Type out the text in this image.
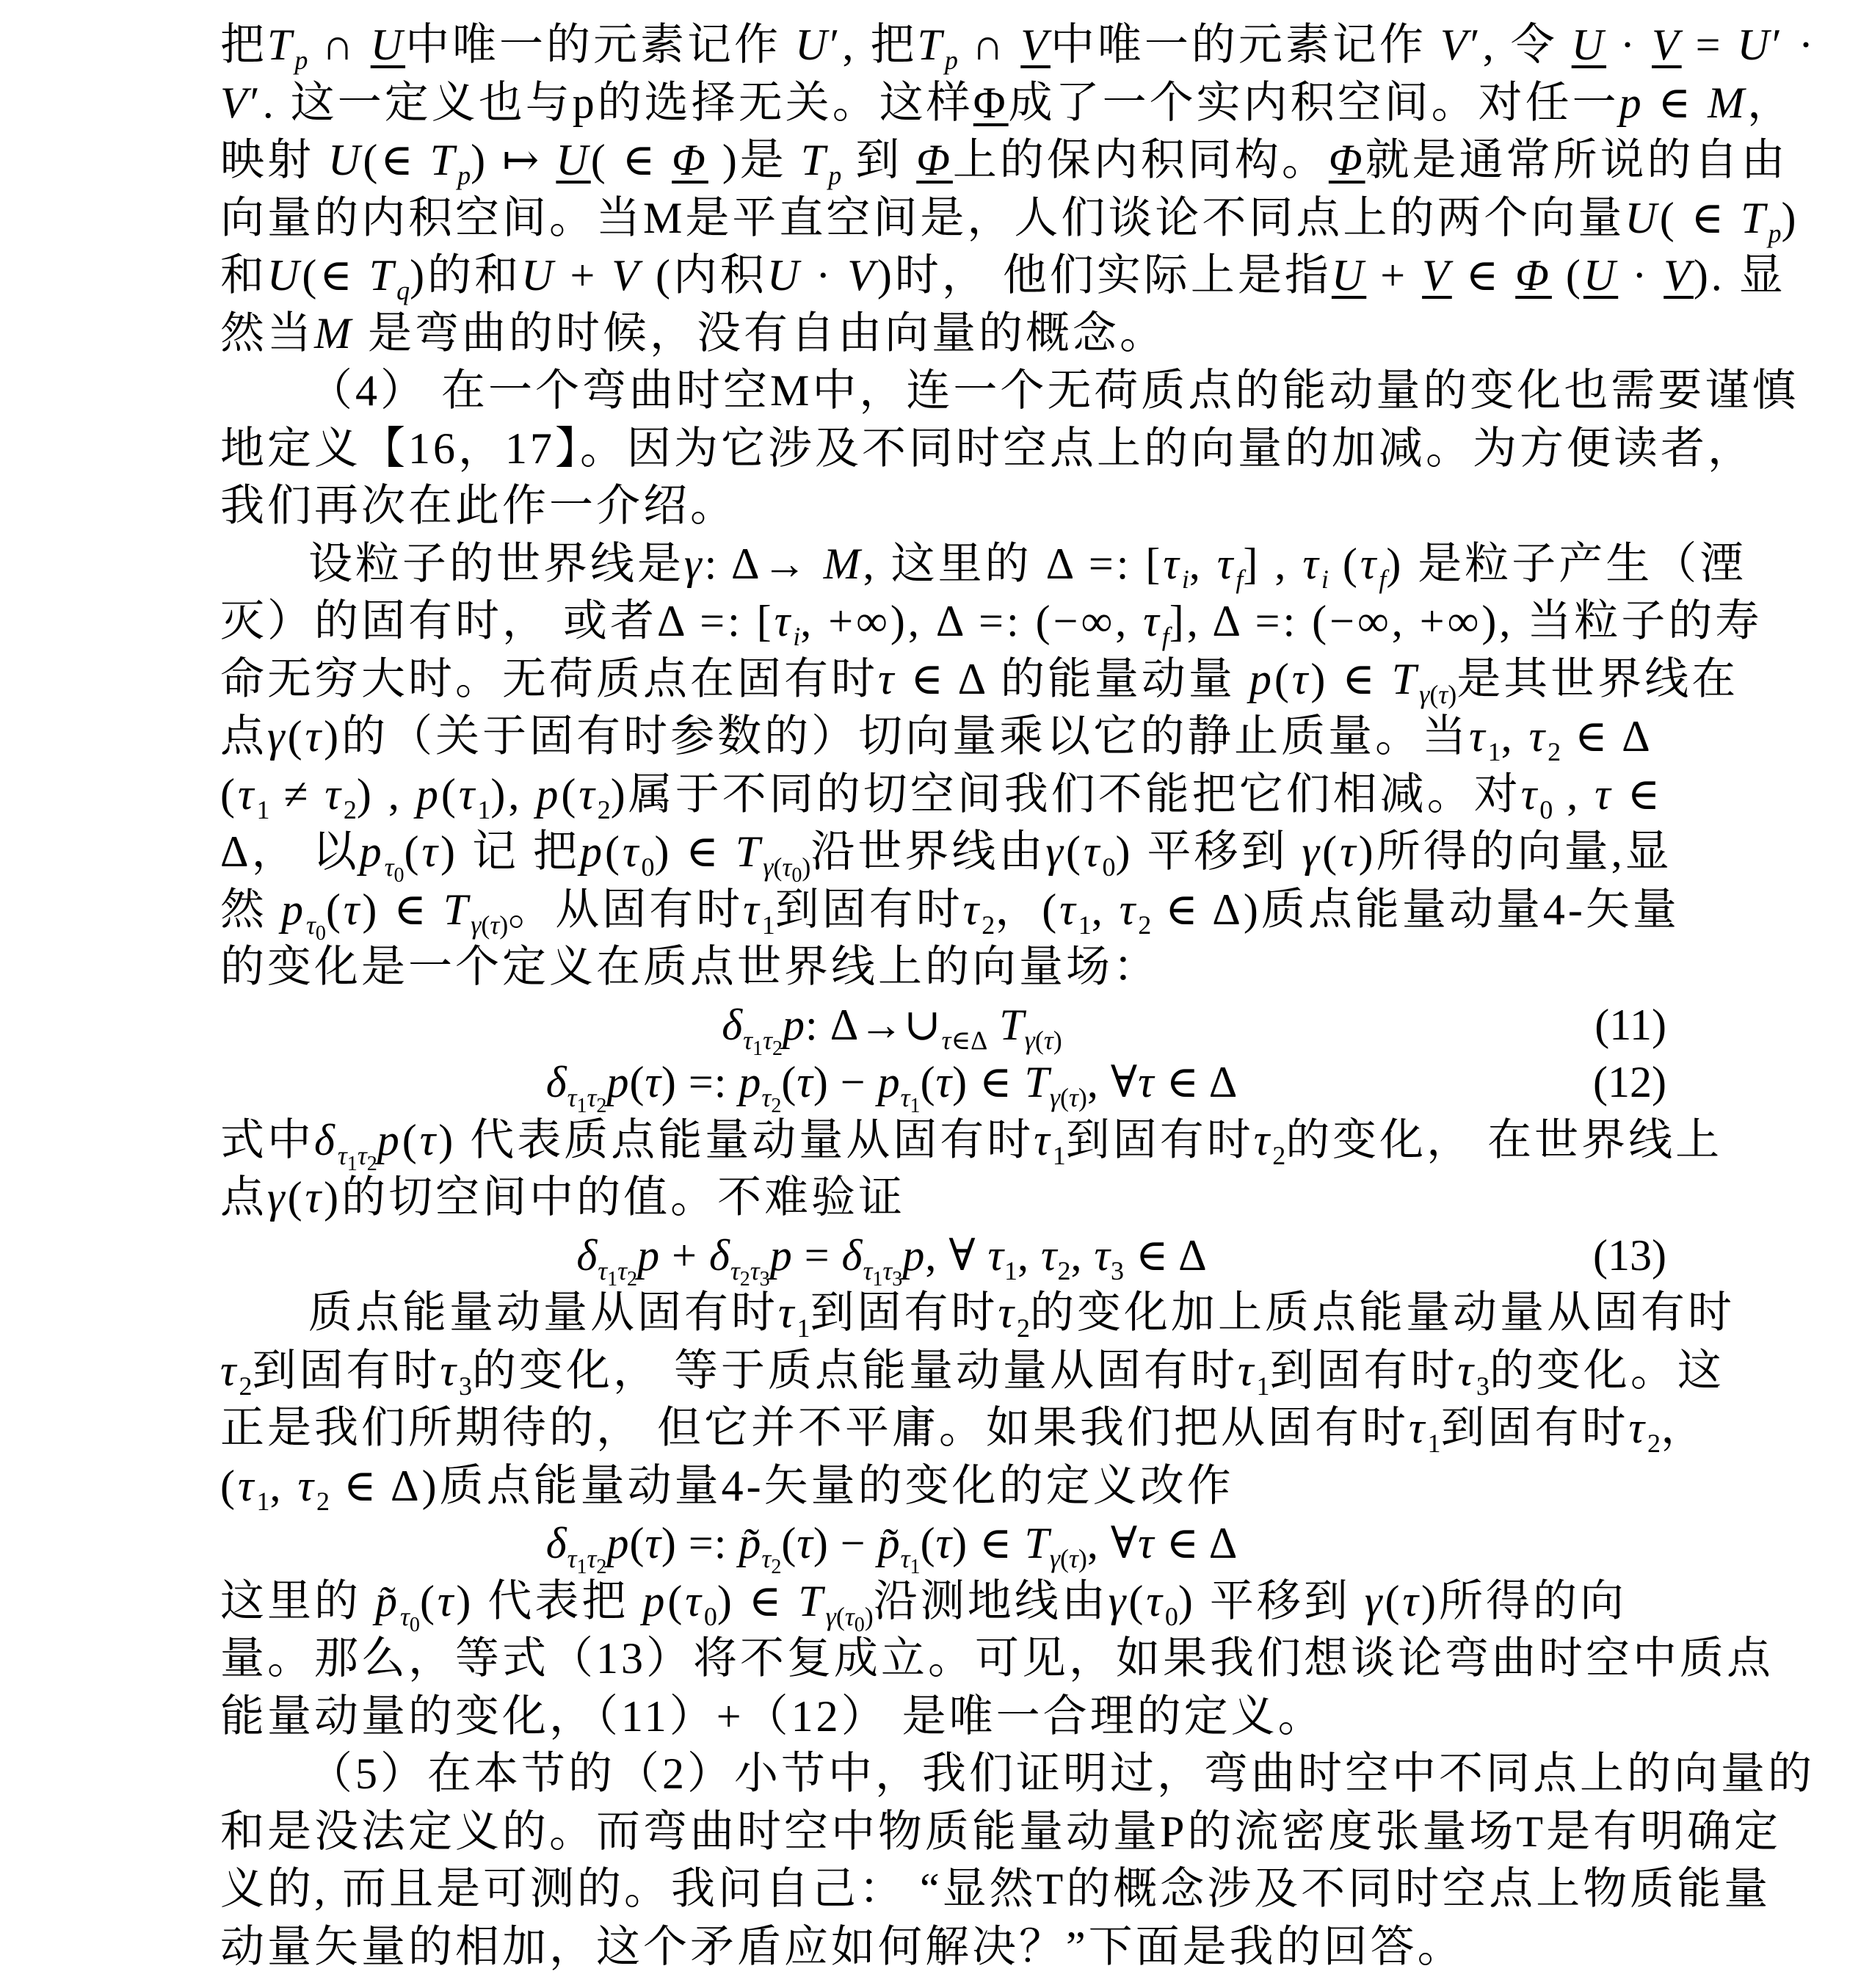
把$T_p$ ∩ U中唯一的元素记作 U′, 把$T_p$ ∩ V中唯一的元素记作 V′, 令 U · V = U′ ·
V′. 这一定义也与p的选择无关。这样Φ成了一个实内积空间。对任一p ∈ M，
映射 U(∈ $T_p$) ↦ U( ∈ Φ )是 $T_p$ 到 Φ上的保内积同构。Φ就是通常所说的自由
向量的内积空间。当M是平直空间是，人们谈论不同点上的两个向量U( ∈ $T_p$)
和U(∈ $T_q$)的和U + V (内积U · V)时， 他们实际上是指U + V ∈ Φ (U · V). 显
然当M 是弯曲的时候，没有自由向量的概念。
（4） 在一个弯曲时空M中，连一个无荷质点的能动量的变化也需要谨慎
地定义【16，17】。因为它涉及不同时空点上的向量的加减。为方便读者，
我们再次在此作一介绍。
设粒子的世界线是γ: Δ→ M, 这里的 Δ =: [$\tau_i$, $\tau_f$] , $\tau_i$ $(\tau_f)$ 是粒子产生（湮
灭）的固有时， 或者Δ =: [$\tau_i$, +∞), Δ =: (−∞, $\tau_f$], Δ =: (−∞, +∞), 当粒子的寿
命无穷大时。无荷质点在固有时τ ∈ Δ 的能量动量 p(τ) ∈ $T_{\gamma(\tau)}$是其世界线在
点γ(τ)的（关于固有时参数的）切向量乘以它的静止质量。当$\tau_1$, $\tau_2$ ∈ Δ
$(\tau_1 \ne \tau_2)$ , $p(\tau_1)$, $p(\tau_2)$属于不同的切空间我们不能把它们相减。对$\tau_0$ , τ ∈
Δ， 以$p_{\tau_0}(\tau)$ 记 把$p(\tau_0)$ ∈ $T_{\gamma(\tau_0)}$沿世界线由$\gamma(\tau_0)$ 平移到 γ(τ)所得的向量,显
然 $p_{\tau_0}(\tau)$ ∈ $T_{\gamma(\tau)}$。从固有时$\tau_1$到固有时$\tau_2$，($\tau_1$, $\tau_2$ ∈ Δ)质点能量动量4-矢量
的变化是一个定义在质点世界线上的向量场：
$\delta_{\tau_1\tau_2}p$: $\Delta\to\cup_{\tau\in\Delta}$ $T_{\gamma(\tau)}$	(11)
$\delta_{\tau_1\tau_2}p(\tau)$ =: $p_{\tau_2}(\tau) - p_{\tau_1}(\tau)$ ∈ $T_{\gamma(\tau)}$, ∀τ ∈ Δ	(12)
式中$\delta_{\tau_1\tau_2}p(\tau)$ 代表质点能量动量从固有时$\tau_1$到固有时$\tau_2$的变化， 在世界线上
点γ(τ)的切空间中的值。不难验证
$\delta_{\tau_1\tau_2}p + \delta_{\tau_2\tau_3}p = \delta_{\tau_1\tau_3}p$, ∀ $\tau_1$, $\tau_2$, $\tau_3$ ∈ Δ	(13)
质点能量动量从固有时$\tau_1$到固有时$\tau_2$的变化加上质点能量动量从固有时
$\tau_2$到固有时$\tau_3$的变化， 等于质点能量动量从固有时$\tau_1$到固有时$\tau_3$的变化。这
正是我们所期待的， 但它并不平庸。如果我们把从固有时$\tau_1$到固有时$\tau_2$，
($\tau_1$, $\tau_2$ ∈ Δ)质点能量动量4-矢量的变化的定义改作
$\delta_{\tau_1\tau_2}p(\tau)$ =: $p̃_{\tau_2}(\tau)$ − $p̃_{\tau_1}(\tau)$ ∈ $T_{\gamma(\tau)}$, ∀τ ∈ Δ
这里的 $p̃_{\tau_0}(\tau)$ 代表把 $p(\tau_0)$ ∈ $T_{\gamma(\tau_0)}$沿测地线由$\gamma(\tau_0)$ 平移到 γ(τ)所得的向
量。那么，等式（13）将不复成立。可见，如果我们想谈论弯曲时空中质点
能量动量的变化，（11）+（12） 是唯一合理的定义。
（5）在本节的（2）小节中，我们证明过，弯曲时空中不同点上的向量的
和是没法定义的。而弯曲时空中物质能量动量P的流密度张量场T是有明确定
义的, 而且是可测的。我问自己： “显然T的概念涉及不同时空点上物质能量
动量矢量的相加，这个矛盾应如何解决？”下面是我的回答。
